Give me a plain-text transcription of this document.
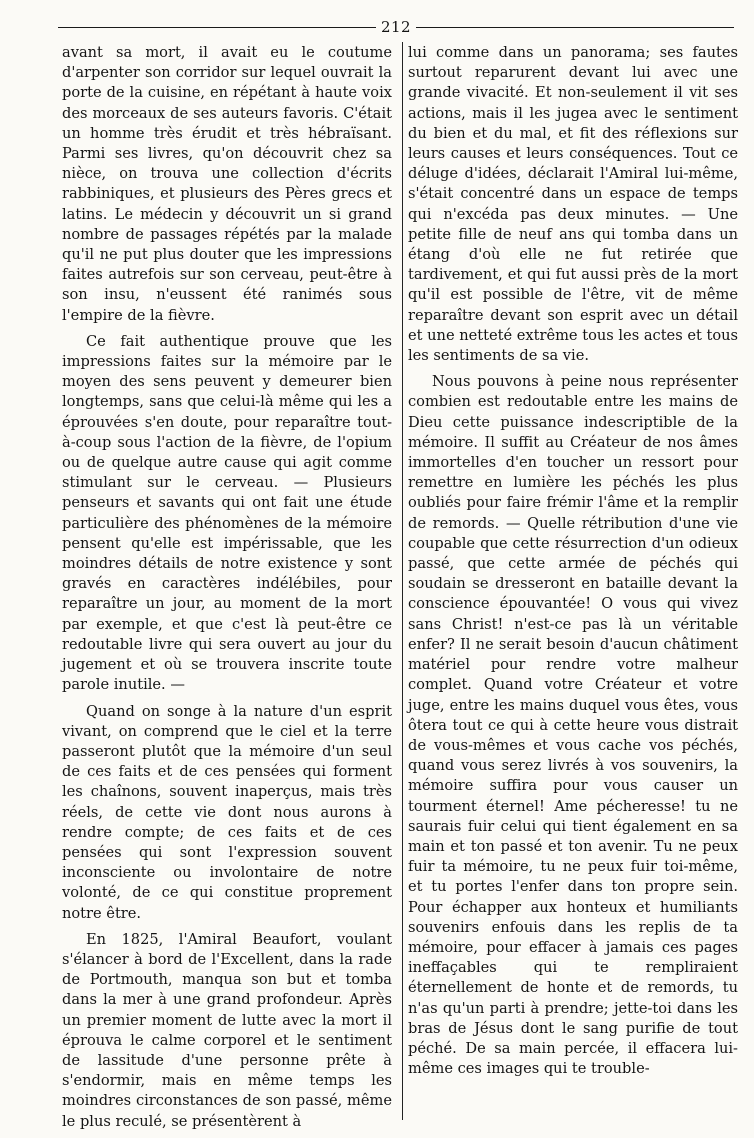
212

avant sa mort, il avait eu le coutume d'arpenter son corridor sur lequel ouvrait la porte de la cuisine, en répétant à haute voix des morceaux de ses auteurs favoris. C'était un homme très érudit et très hébraïsant. Parmi ses livres, qu'on découvrit chez sa nièce, on trouva une collection d'écrits rabbiniques, et plusieurs des Pères grecs et latins. Le médecin y découvrit un si grand nombre de passages répétés par la malade qu'il ne put plus douter que les impressions faites autrefois sur son cerveau, peut-être à son insu, n'eussent été ranimés sous l'empire de la fièvre.

Ce fait authentique prouve que les impressions faites sur la mémoire par le moyen des sens peuvent y demeurer bien longtemps, sans que celui-là même qui les a éprouvées s'en doute, pour reparaître tout-à-coup sous l'action de la fièvre, de l'opium ou de quelque autre cause qui agit comme stimulant sur le cerveau. — Plusieurs penseurs et savants qui ont fait une étude particulière des phénomènes de la mémoire pensent qu'elle est impérissable, que les moindres détails de notre existence y sont gravés en caractères indélébiles, pour reparaître un jour, au moment de la mort par exemple, et que c'est là peut-être ce redoutable livre qui sera ouvert au jour du jugement et où se trouvera inscrite toute parole inutile. —

Quand on songe à la nature d'un esprit vivant, on comprend que le ciel et la terre passeront plutôt que la mémoire d'un seul de ces faits et de ces pensées qui forment les chaînons, souvent inaperçus, mais très réels, de cette vie dont nous aurons à rendre compte; de ces faits et de ces pensées qui sont l'expression souvent inconsciente ou involontaire de notre volonté, de ce qui constitue proprement notre être.

En 1825, l'Amiral Beaufort, voulant s'élancer à bord de l'Excellent, dans la rade de Portmouth, manqua son but et tomba dans la mer à une grand profondeur. Après un premier moment de lutte avec la mort il éprouva le calme corporel et le sentiment de lassitude d'une personne prête à s'endormir, mais en même temps les moindres circonstances de son passé, même le plus reculé, se présentèrent à

lui comme dans un panorama; ses fautes surtout reparurent devant lui avec une grande vivacité. Et non-seulement il vit ses actions, mais il les jugea avec le sentiment du bien et du mal, et fit des réflexions sur leurs causes et leurs conséquences. Tout ce déluge d'idées, déclarait l'Amiral lui-même, s'était concentré dans un espace de temps qui n'excéda pas deux minutes. — Une petite fille de neuf ans qui tomba dans un étang d'où elle ne fut retirée que tardivement, et qui fut aussi près de la mort qu'il est possible de l'être, vit de même reparaître devant son esprit avec un détail et une netteté extrême tous les actes et tous les sentiments de sa vie.

Nous pouvons à peine nous représenter combien est redoutable entre les mains de Dieu cette puissance indescriptible de la mémoire. Il suffit au Créateur de nos âmes immortelles d'en toucher un ressort pour remettre en lumière les péchés les plus oubliés pour faire frémir l'âme et la remplir de remords. — Quelle rétribution d'une vie coupable que cette résurrection d'un odieux passé, que cette armée de péchés qui soudain se dresseront en bataille devant la conscience épouvantée! O vous qui vivez sans Christ! n'est-ce pas là un véritable enfer? Il ne serait besoin d'aucun châtiment matériel pour rendre votre malheur complet. Quand votre Créateur et votre juge, entre les mains duquel vous êtes, vous ôtera tout ce qui à cette heure vous distrait de vous-mêmes et vous cache vos péchés, quand vous serez livrés à vos souvenirs, la mémoire suffira pour vous causer un tourment éternel! Ame pécheresse! tu ne saurais fuir celui qui tient également en sa main et ton passé et ton avenir. Tu ne peux fuir ta mémoire, tu ne peux fuir toi-même, et tu portes l'enfer dans ton propre sein. Pour échapper aux honteux et humiliants souvenirs enfouis dans les replis de ta mémoire, pour effacer à jamais ces pages ineffaçables qui te rempliraient éternellement de honte et de remords, tu n'as qu'un parti à prendre; jette-toi dans les bras de Jésus dont le sang purifie de tout péché. De sa main percée, il effacera lui-même ces images qui te trouble-
